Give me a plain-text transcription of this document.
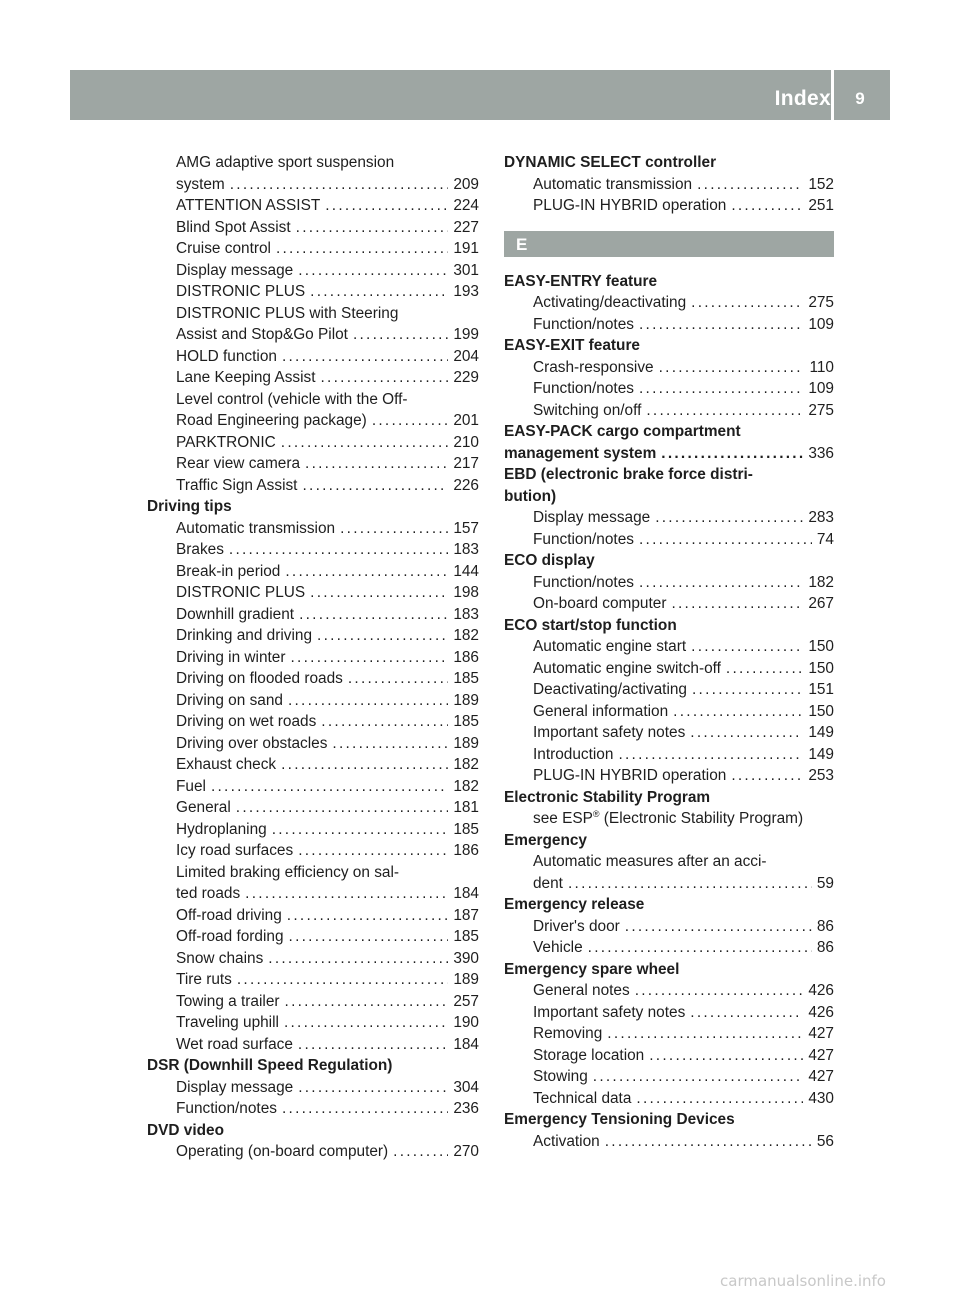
Index	9
AMG adaptive sport suspension
system . . .	209
ATTENTION ASSIST . . .	224
Blind Spot Assist . . .	227
Cruise control . . .	191
Display message . . .	301
DISTRONIC PLUS . . .	193
DISTRONIC PLUS with Steering
Assist and Stop&Go Pilot . . .	199
HOLD function . . .	204
Lane Keeping Assist . . .	229
Level control (vehicle with the Off-
Road Engineering package) . . .	201
PARKTRONIC . . .	210
Rear view camera . . .	217
Traffic Sign Assist . . .	226
Driving tips
Automatic transmission . . .	157
Brakes . . .	183
Break-in period . . .	144
DISTRONIC PLUS . . .	198
Downhill gradient . . .	183
Drinking and driving . . .	182
Driving in winter . . .	186
Driving on flooded roads . . .	185
Driving on sand . . .	189
Driving on wet roads . . .	185
Driving over obstacles . . .	189
Exhaust check . . .	182
Fuel . . .	182
General . . .	181
Hydroplaning . . .	185
Icy road surfaces . . .	186
Limited braking efficiency on sal-
ted roads . . .	184
Off-road driving . . .	187
Off-road fording . . .	185
Snow chains . . .	390
Tire ruts . . .	189
Towing a trailer . . .	257
Traveling uphill . . .	190
Wet road surface . . .	184
DSR (Downhill Speed Regulation)
Display message . . .	304
Function/notes . . .	236
DVD video
Operating (on-board computer) . . .	270
DYNAMIC SELECT controller
Automatic transmission . . .	152
PLUG-IN HYBRID operation . . .	251
E
EASY-ENTRY feature
Activating/deactivating . . .	275
Function/notes . . .	109
EASY-EXIT feature
Crash-responsive . . .	110
Function/notes . . .	109
Switching on/off . . .	275
EASY-PACK cargo compartment
management system . . .	336
EBD (electronic brake force distri-
bution)
Display message . . .	283
Function/notes . . .	74
ECO display
Function/notes . . .	182
On-board computer . . .	267
ECO start/stop function
Automatic engine start . . .	150
Automatic engine switch-off . . .	150
Deactivating/activating . . .	151
General information . . .	150
Important safety notes . . .	149
Introduction . . .	149
PLUG-IN HYBRID operation . . .	253
Electronic Stability Program
see ESP® (Electronic Stability Program)
Emergency
Automatic measures after an acci-
dent . . .	59
Emergency release
Driver's door . . .	86
Vehicle . . .	86
Emergency spare wheel
General notes . . .	426
Important safety notes . . .	426
Removing . . .	427
Storage location . . .	427
Stowing . . .	427
Technical data . . .	430
Emergency Tensioning Devices
Activation . . .	56
carmanualsonline.info
